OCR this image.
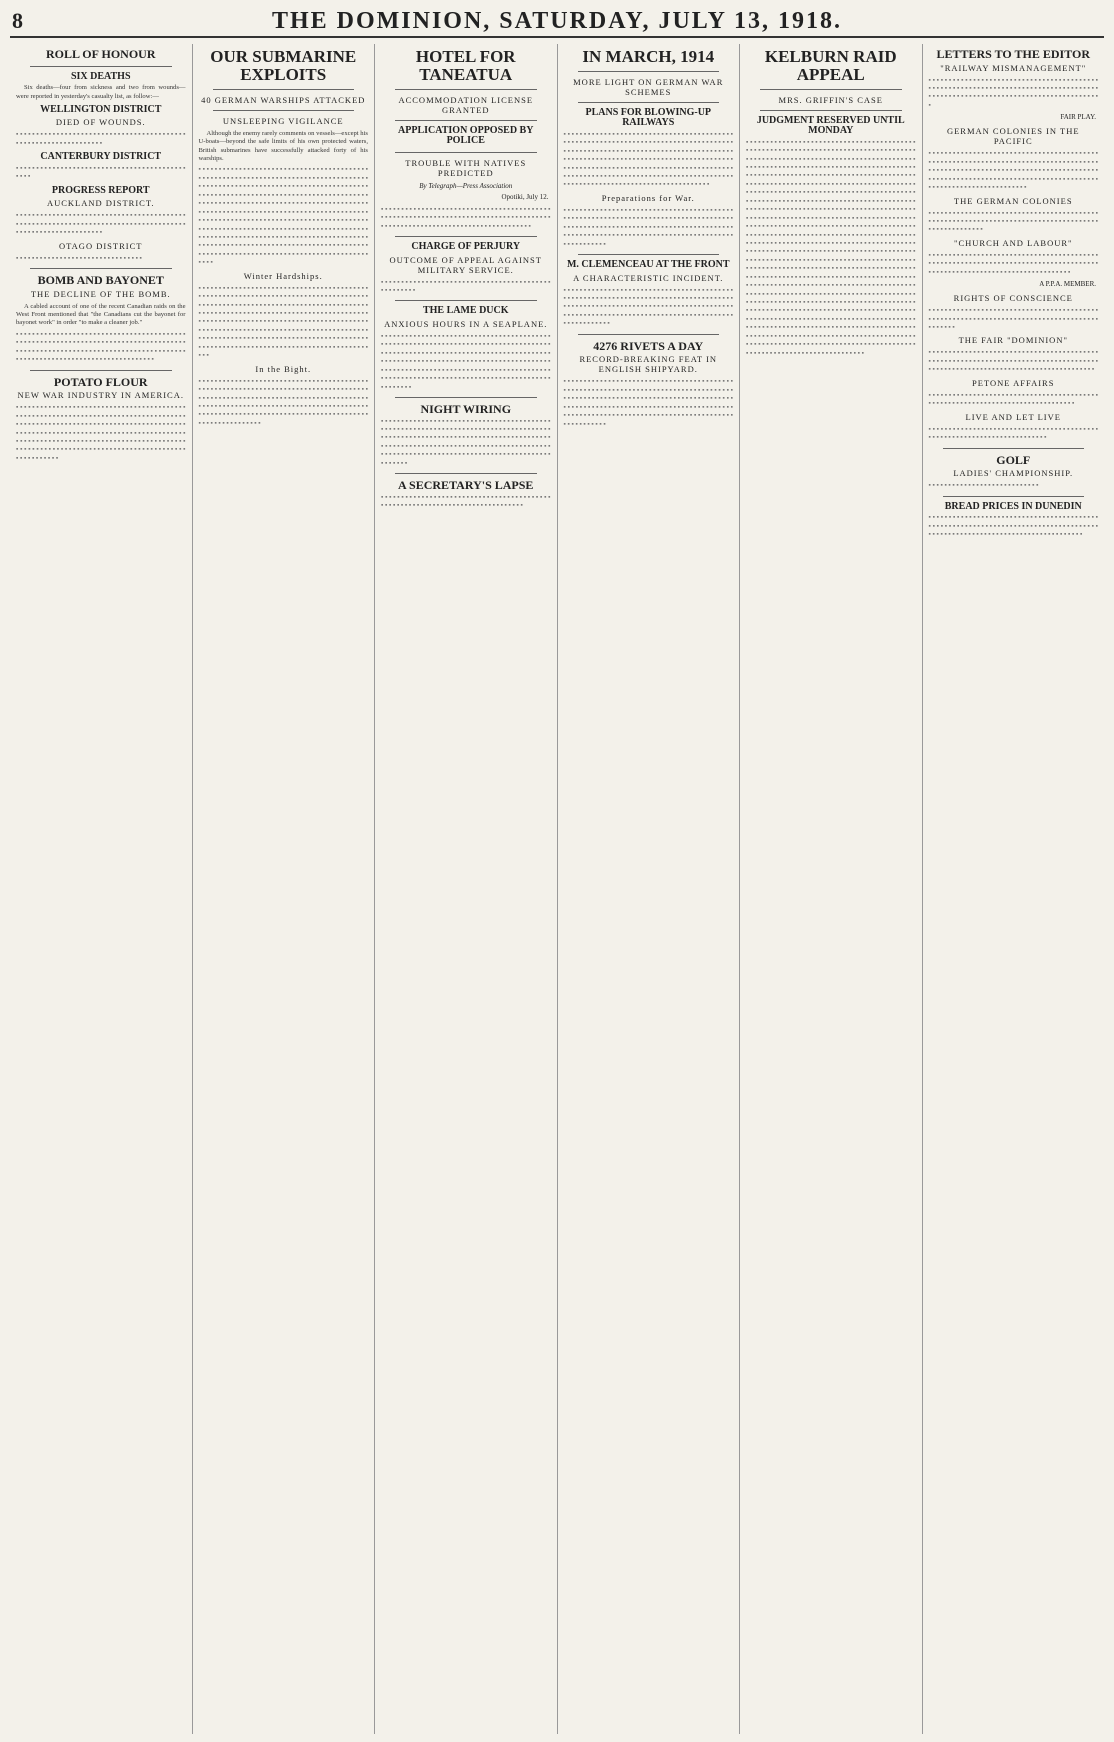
8	THE DOMINION, SATURDAY, JULY 13, 1918.
ROLL OF HONOUR
SIX DEATHS

Six deaths—four from sickness and two from wounds—were reported in yesterday's casualty list, as follow:—

WELLINGTON DISTRICT
DIED OF WOUNDS.
▪ ▪ ▪ ▪ ▪ ▪ ▪ ▪ ▪ ▪ ▪ ▪ ▪ ▪ ▪ ▪ ▪ ▪ ▪ ▪ ▪ ▪ ▪ ▪ ▪ ▪ ▪ ▪ ▪ ▪ ▪ ▪ ▪ ▪ ▪ ▪ ▪ ▪ ▪ ▪ ▪ ▪ ▪ ▪ ▪ ▪ ▪ ▪ ▪ ▪ ▪ ▪ ▪ ▪ ▪ ▪ ▪ ▪ ▪ ▪ ▪ ▪ ▪ ▪
CANTERBURY DISTRICT
▪ ▪ ▪ ▪ ▪ ▪ ▪ ▪ ▪ ▪ ▪ ▪ ▪ ▪ ▪ ▪ ▪ ▪ ▪ ▪ ▪ ▪ ▪ ▪ ▪ ▪ ▪ ▪ ▪ ▪ ▪ ▪ ▪ ▪ ▪ ▪ ▪ ▪ ▪ ▪ ▪ ▪ ▪ ▪ ▪ ▪
PROGRESS REPORT
AUCKLAND DISTRICT.
▪ ▪ ▪ ▪ ▪ ▪ ▪ ▪ ▪ ▪ ▪ ▪ ▪ ▪ ▪ ▪ ▪ ▪ ▪ ▪ ▪ ▪ ▪ ▪ ▪ ▪ ▪ ▪ ▪ ▪ ▪ ▪ ▪ ▪ ▪ ▪ ▪ ▪ ▪ ▪ ▪ ▪ ▪ ▪ ▪ ▪ ▪ ▪ ▪ ▪ ▪ ▪ ▪ ▪ ▪ ▪ ▪ ▪ ▪ ▪ ▪ ▪ ▪ ▪ ▪ ▪ ▪ ▪ ▪ ▪ ▪ ▪ ▪ ▪ ▪ ▪ ▪ ▪ ▪ ▪ ▪ ▪ ▪ ▪ ▪ ▪ ▪ ▪ ▪ ▪ ▪ ▪ ▪ ▪ ▪ ▪ ▪ ▪ ▪ ▪ ▪ ▪ ▪ ▪ ▪ ▪
OTAGO DISTRICT
▪ ▪ ▪ ▪ ▪ ▪ ▪ ▪ ▪ ▪ ▪ ▪ ▪ ▪ ▪ ▪ ▪ ▪ ▪ ▪ ▪ ▪ ▪ ▪ ▪ ▪ ▪ ▪ ▪ ▪ ▪ ▪
BOMB AND BAYONET
THE DECLINE OF THE BOMB.

A cabled account of one of the recent Canadian raids on the West Front mentioned that "the Canadians cut the bayonet for bayonet work" in order "to make a cleaner job."

▪ ▪ ▪ ▪ ▪ ▪ ▪ ▪ ▪ ▪ ▪ ▪ ▪ ▪ ▪ ▪ ▪ ▪ ▪ ▪ ▪ ▪ ▪ ▪ ▪ ▪ ▪ ▪ ▪ ▪ ▪ ▪ ▪ ▪ ▪ ▪ ▪ ▪ ▪ ▪ ▪ ▪ ▪ ▪ ▪ ▪ ▪ ▪ ▪ ▪ ▪ ▪ ▪ ▪ ▪ ▪ ▪ ▪ ▪ ▪ ▪ ▪ ▪ ▪ ▪ ▪ ▪ ▪ ▪ ▪ ▪ ▪ ▪ ▪ ▪ ▪ ▪ ▪ ▪ ▪ ▪ ▪ ▪ ▪ ▪ ▪ ▪ ▪ ▪ ▪ ▪ ▪ ▪ ▪ ▪ ▪ ▪ ▪ ▪ ▪ ▪ ▪ ▪ ▪ ▪ ▪ ▪ ▪ ▪ ▪ ▪ ▪ ▪ ▪ ▪ ▪ ▪ ▪ ▪ ▪ ▪ ▪ ▪ ▪ ▪ ▪ ▪ ▪ ▪ ▪ ▪ ▪ ▪ ▪ ▪ ▪ ▪ ▪ ▪ ▪ ▪ ▪ ▪ ▪ ▪ ▪ ▪ ▪ ▪ ▪ ▪ ▪ ▪ ▪ ▪ ▪ ▪ ▪ ▪ ▪ ▪
POTATO FLOUR
NEW WAR INDUSTRY IN AMERICA.
▪ ▪ ▪ ▪ ▪ ▪ ▪ ▪ ▪ ▪ ▪ ▪ ▪ ▪ ▪ ▪ ▪ ▪ ▪ ▪ ▪ ▪ ▪ ▪ ▪ ▪ ▪ ▪ ▪ ▪ ▪ ▪ ▪ ▪ ▪ ▪ ▪ ▪ ▪ ▪ ▪ ▪ ▪ ▪ ▪ ▪ ▪ ▪ ▪ ▪ ▪ ▪ ▪ ▪ ▪ ▪ ▪ ▪ ▪ ▪ ▪ ▪ ▪ ▪ ▪ ▪ ▪ ▪ ▪ ▪ ▪ ▪ ▪ ▪ ▪ ▪ ▪ ▪ ▪ ▪ ▪ ▪ ▪ ▪ ▪ ▪ ▪ ▪ ▪ ▪ ▪ ▪ ▪ ▪ ▪ ▪ ▪ ▪ ▪ ▪ ▪ ▪ ▪ ▪ ▪ ▪ ▪ ▪ ▪ ▪ ▪ ▪ ▪ ▪ ▪ ▪ ▪ ▪ ▪ ▪ ▪ ▪ ▪ ▪ ▪ ▪ ▪ ▪ ▪ ▪ ▪ ▪ ▪ ▪ ▪ ▪ ▪ ▪ ▪ ▪ ▪ ▪ ▪ ▪ ▪ ▪ ▪ ▪ ▪ ▪ ▪ ▪ ▪ ▪ ▪ ▪ ▪ ▪ ▪ ▪ ▪ ▪ ▪ ▪ ▪ ▪ ▪ ▪ ▪ ▪ ▪ ▪ ▪ ▪ ▪ ▪ ▪ ▪ ▪ ▪ ▪ ▪ ▪ ▪ ▪ ▪ ▪ ▪ ▪ ▪ ▪ ▪ ▪ ▪ ▪ ▪ ▪ ▪ ▪ ▪ ▪ ▪ ▪ ▪ ▪ ▪ ▪ ▪ ▪ ▪ ▪ ▪ ▪ ▪ ▪ ▪ ▪ ▪ ▪ ▪ ▪ ▪ ▪ ▪ ▪ ▪ ▪ ▪ ▪ ▪ ▪ ▪ ▪ ▪ ▪ ▪ ▪ ▪ ▪ ▪ ▪ ▪ ▪ ▪ ▪ ▪ ▪ ▪ ▪ ▪ ▪ ▪ ▪ ▪ ▪ ▪ ▪ ▪ ▪ ▪ ▪ ▪ ▪
OUR SUBMARINE EXPLOITS
40 GERMAN WARSHIPS ATTACKED
UNSLEEPING VIGILANCE

Although the enemy rarely comments on vessels—except his U-boats—beyond the safe limits of his own protected waters, British submarines have successfully attacked forty of his warships.

▪ ▪ ▪ ▪ ▪ ▪ ▪ ▪ ▪ ▪ ▪ ▪ ▪ ▪ ▪ ▪ ▪ ▪ ▪ ▪ ▪ ▪ ▪ ▪ ▪ ▪ ▪ ▪ ▪ ▪ ▪ ▪ ▪ ▪ ▪ ▪ ▪ ▪ ▪ ▪ ▪ ▪ ▪ ▪ ▪ ▪ ▪ ▪ ▪ ▪ ▪ ▪ ▪ ▪ ▪ ▪ ▪ ▪ ▪ ▪ ▪ ▪ ▪ ▪ ▪ ▪ ▪ ▪ ▪ ▪ ▪ ▪ ▪ ▪ ▪ ▪ ▪ ▪ ▪ ▪ ▪ ▪ ▪ ▪ ▪ ▪ ▪ ▪ ▪ ▪ ▪ ▪ ▪ ▪ ▪ ▪ ▪ ▪ ▪ ▪ ▪ ▪ ▪ ▪ ▪ ▪ ▪ ▪ ▪ ▪ ▪ ▪ ▪ ▪ ▪ ▪ ▪ ▪ ▪ ▪ ▪ ▪ ▪ ▪ ▪ ▪ ▪ ▪ ▪ ▪ ▪ ▪ ▪ ▪ ▪ ▪ ▪ ▪ ▪ ▪ ▪ ▪ ▪ ▪ ▪ ▪ ▪ ▪ ▪ ▪ ▪ ▪ ▪ ▪ ▪ ▪ ▪ ▪ ▪ ▪ ▪ ▪ ▪ ▪ ▪ ▪ ▪ ▪ ▪ ▪ ▪ ▪ ▪ ▪ ▪ ▪ ▪ ▪ ▪ ▪ ▪ ▪ ▪ ▪ ▪ ▪ ▪ ▪ ▪ ▪ ▪ ▪ ▪ ▪ ▪ ▪ ▪ ▪ ▪ ▪ ▪ ▪ ▪ ▪ ▪ ▪ ▪ ▪ ▪ ▪ ▪ ▪ ▪ ▪ ▪ ▪ ▪ ▪ ▪ ▪ ▪ ▪ ▪ ▪ ▪ ▪ ▪ ▪ ▪ ▪ ▪ ▪ ▪ ▪ ▪ ▪ ▪ ▪ ▪ ▪ ▪ ▪ ▪ ▪ ▪ ▪ ▪ ▪ ▪ ▪ ▪ ▪ ▪ ▪ ▪ ▪ ▪ ▪ ▪ ▪ ▪ ▪ ▪ ▪ ▪ ▪ ▪ ▪ ▪ ▪ ▪ ▪ ▪ ▪ ▪ ▪ ▪ ▪ ▪ ▪ ▪ ▪ ▪ ▪ ▪ ▪ ▪ ▪ ▪ ▪ ▪ ▪ ▪ ▪ ▪ ▪ ▪ ▪ ▪ ▪ ▪ ▪ ▪ ▪ ▪ ▪ ▪ ▪ ▪ ▪ ▪ ▪ ▪ ▪ ▪ ▪ ▪ ▪ ▪ ▪ ▪ ▪ ▪ ▪ ▪ ▪ ▪ ▪ ▪ ▪ ▪ ▪ ▪ ▪ ▪ ▪ ▪ ▪ ▪ ▪ ▪ ▪ ▪ ▪ ▪ ▪ ▪ ▪ ▪ ▪ ▪ ▪ ▪ ▪ ▪ ▪ ▪ ▪ ▪ ▪ ▪ ▪ ▪ ▪ ▪ ▪ ▪ ▪ ▪ ▪ ▪ ▪ ▪ ▪ ▪ ▪ ▪ ▪ ▪ ▪ ▪ ▪ ▪ ▪ ▪ ▪ ▪ ▪ ▪ ▪ ▪ ▪ ▪ ▪ ▪ ▪ ▪ ▪ ▪ ▪ ▪ ▪ ▪ ▪ ▪ ▪ ▪ ▪ ▪ ▪ ▪ ▪ ▪ ▪ ▪ ▪ ▪ ▪ ▪ ▪ ▪ ▪ ▪ ▪ ▪ ▪ ▪ ▪ ▪ ▪ ▪ ▪ ▪ ▪ ▪ ▪ ▪ ▪ ▪ ▪ ▪ ▪ ▪ ▪ ▪ ▪ ▪ ▪ ▪ ▪ ▪ ▪ ▪ ▪ ▪ ▪ ▪ ▪ ▪ ▪ ▪ ▪ ▪ ▪ ▪ ▪
Winter Hardships.
▪ ▪ ▪ ▪ ▪ ▪ ▪ ▪ ▪ ▪ ▪ ▪ ▪ ▪ ▪ ▪ ▪ ▪ ▪ ▪ ▪ ▪ ▪ ▪ ▪ ▪ ▪ ▪ ▪ ▪ ▪ ▪ ▪ ▪ ▪ ▪ ▪ ▪ ▪ ▪ ▪ ▪ ▪ ▪ ▪ ▪ ▪ ▪ ▪ ▪ ▪ ▪ ▪ ▪ ▪ ▪ ▪ ▪ ▪ ▪ ▪ ▪ ▪ ▪ ▪ ▪ ▪ ▪ ▪ ▪ ▪ ▪ ▪ ▪ ▪ ▪ ▪ ▪ ▪ ▪ ▪ ▪ ▪ ▪ ▪ ▪ ▪ ▪ ▪ ▪ ▪ ▪ ▪ ▪ ▪ ▪ ▪ ▪ ▪ ▪ ▪ ▪ ▪ ▪ ▪ ▪ ▪ ▪ ▪ ▪ ▪ ▪ ▪ ▪ ▪ ▪ ▪ ▪ ▪ ▪ ▪ ▪ ▪ ▪ ▪ ▪ ▪ ▪ ▪ ▪ ▪ ▪ ▪ ▪ ▪ ▪ ▪ ▪ ▪ ▪ ▪ ▪ ▪ ▪ ▪ ▪ ▪ ▪ ▪ ▪ ▪ ▪ ▪ ▪ ▪ ▪ ▪ ▪ ▪ ▪ ▪ ▪ ▪ ▪ ▪ ▪ ▪ ▪ ▪ ▪ ▪ ▪ ▪ ▪ ▪ ▪ ▪ ▪ ▪ ▪ ▪ ▪ ▪ ▪ ▪ ▪ ▪ ▪ ▪ ▪ ▪ ▪ ▪ ▪ ▪ ▪ ▪ ▪ ▪ ▪ ▪ ▪ ▪ ▪ ▪ ▪ ▪ ▪ ▪ ▪ ▪ ▪ ▪ ▪ ▪ ▪ ▪ ▪ ▪ ▪ ▪ ▪ ▪ ▪ ▪ ▪ ▪ ▪ ▪ ▪ ▪ ▪ ▪ ▪ ▪ ▪ ▪ ▪ ▪ ▪ ▪ ▪ ▪ ▪ ▪ ▪ ▪ ▪ ▪ ▪ ▪ ▪ ▪ ▪ ▪ ▪ ▪ ▪ ▪ ▪ ▪ ▪ ▪ ▪ ▪ ▪ ▪ ▪ ▪ ▪ ▪ ▪ ▪ ▪ ▪ ▪ ▪ ▪ ▪ ▪ ▪ ▪ ▪ ▪ ▪ ▪ ▪ ▪ ▪ ▪ ▪ ▪ ▪ ▪ ▪ ▪ ▪ ▪ ▪ ▪ ▪ ▪ ▪ ▪ ▪ ▪ ▪ ▪ ▪ ▪ ▪ ▪ ▪ ▪ ▪ ▪ ▪ ▪ ▪ ▪ ▪ ▪ ▪ ▪ ▪ ▪ ▪ ▪ ▪ ▪ ▪ ▪ ▪ ▪ ▪ ▪ ▪ ▪ ▪
In the Bight.
▪ ▪ ▪ ▪ ▪ ▪ ▪ ▪ ▪ ▪ ▪ ▪ ▪ ▪ ▪ ▪ ▪ ▪ ▪ ▪ ▪ ▪ ▪ ▪ ▪ ▪ ▪ ▪ ▪ ▪ ▪ ▪ ▪ ▪ ▪ ▪ ▪ ▪ ▪ ▪ ▪ ▪ ▪ ▪ ▪ ▪ ▪ ▪ ▪ ▪ ▪ ▪ ▪ ▪ ▪ ▪ ▪ ▪ ▪ ▪ ▪ ▪ ▪ ▪ ▪ ▪ ▪ ▪ ▪ ▪ ▪ ▪ ▪ ▪ ▪ ▪ ▪ ▪ ▪ ▪ ▪ ▪ ▪ ▪ ▪ ▪ ▪ ▪ ▪ ▪ ▪ ▪ ▪ ▪ ▪ ▪ ▪ ▪ ▪ ▪ ▪ ▪ ▪ ▪ ▪ ▪ ▪ ▪ ▪ ▪ ▪ ▪ ▪ ▪ ▪ ▪ ▪ ▪ ▪ ▪ ▪ ▪ ▪ ▪ ▪ ▪ ▪ ▪ ▪ ▪ ▪ ▪ ▪ ▪ ▪ ▪ ▪ ▪ ▪ ▪ ▪ ▪ ▪ ▪ ▪ ▪ ▪ ▪ ▪ ▪ ▪ ▪ ▪ ▪ ▪ ▪ ▪ ▪ ▪ ▪ ▪ ▪ ▪ ▪ ▪ ▪ ▪ ▪ ▪ ▪ ▪ ▪ ▪ ▪ ▪ ▪ ▪ ▪ ▪ ▪ ▪ ▪ ▪ ▪ ▪ ▪ ▪ ▪ ▪ ▪ ▪ ▪ ▪ ▪ ▪ ▪ ▪ ▪ ▪ ▪ ▪ ▪ ▪ ▪ ▪ ▪ ▪ ▪ ▪ ▪ ▪ ▪ ▪ ▪ ▪ ▪ ▪ ▪ ▪ ▪ ▪ ▪ ▪ ▪ ▪ ▪
HOTEL FOR TANEATUA
ACCOMMODATION LICENSE GRANTED
APPLICATION OPPOSED BY POLICE
TROUBLE WITH NATIVES PREDICTED
By Telegraph—Press Association
Opotiki, July 12.
▪ ▪ ▪ ▪ ▪ ▪ ▪ ▪ ▪ ▪ ▪ ▪ ▪ ▪ ▪ ▪ ▪ ▪ ▪ ▪ ▪ ▪ ▪ ▪ ▪ ▪ ▪ ▪ ▪ ▪ ▪ ▪ ▪ ▪ ▪ ▪ ▪ ▪ ▪ ▪ ▪ ▪ ▪ ▪ ▪ ▪ ▪ ▪ ▪ ▪ ▪ ▪ ▪ ▪ ▪ ▪ ▪ ▪ ▪ ▪ ▪ ▪ ▪ ▪ ▪ ▪ ▪ ▪ ▪ ▪ ▪ ▪ ▪ ▪ ▪ ▪ ▪ ▪ ▪ ▪ ▪ ▪ ▪ ▪ ▪ ▪ ▪ ▪ ▪ ▪ ▪ ▪ ▪ ▪ ▪ ▪ ▪ ▪ ▪ ▪ ▪ ▪ ▪ ▪ ▪ ▪ ▪ ▪ ▪ ▪ ▪ ▪ ▪ ▪ ▪ ▪ ▪ ▪ ▪ ▪ ▪ ▪
CHARGE OF PERJURY
OUTCOME OF APPEAL AGAINST MILITARY SERVICE.
▪ ▪ ▪ ▪ ▪ ▪ ▪ ▪ ▪ ▪ ▪ ▪ ▪ ▪ ▪ ▪ ▪ ▪ ▪ ▪ ▪ ▪ ▪ ▪ ▪ ▪ ▪ ▪ ▪ ▪ ▪ ▪ ▪ ▪ ▪ ▪ ▪ ▪ ▪ ▪ ▪ ▪ ▪ ▪ ▪ ▪ ▪ ▪ ▪ ▪ ▪
THE LAME DUCK
ANXIOUS HOURS IN A SEAPLANE.
▪ ▪ ▪ ▪ ▪ ▪ ▪ ▪ ▪ ▪ ▪ ▪ ▪ ▪ ▪ ▪ ▪ ▪ ▪ ▪ ▪ ▪ ▪ ▪ ▪ ▪ ▪ ▪ ▪ ▪ ▪ ▪ ▪ ▪ ▪ ▪ ▪ ▪ ▪ ▪ ▪ ▪ ▪ ▪ ▪ ▪ ▪ ▪ ▪ ▪ ▪ ▪ ▪ ▪ ▪ ▪ ▪ ▪ ▪ ▪ ▪ ▪ ▪ ▪ ▪ ▪ ▪ ▪ ▪ ▪ ▪ ▪ ▪ ▪ ▪ ▪ ▪ ▪ ▪ ▪ ▪ ▪ ▪ ▪ ▪ ▪ ▪ ▪ ▪ ▪ ▪ ▪ ▪ ▪ ▪ ▪ ▪ ▪ ▪ ▪ ▪ ▪ ▪ ▪ ▪ ▪ ▪ ▪ ▪ ▪ ▪ ▪ ▪ ▪ ▪ ▪ ▪ ▪ ▪ ▪ ▪ ▪ ▪ ▪ ▪ ▪ ▪ ▪ ▪ ▪ ▪ ▪ ▪ ▪ ▪ ▪ ▪ ▪ ▪ ▪ ▪ ▪ ▪ ▪ ▪ ▪ ▪ ▪ ▪ ▪ ▪ ▪ ▪ ▪ ▪ ▪ ▪ ▪ ▪ ▪ ▪ ▪ ▪ ▪ ▪ ▪ ▪ ▪ ▪ ▪ ▪ ▪ ▪ ▪ ▪ ▪ ▪ ▪ ▪ ▪ ▪ ▪ ▪ ▪ ▪ ▪ ▪ ▪ ▪ ▪ ▪ ▪ ▪ ▪ ▪ ▪ ▪ ▪ ▪ ▪ ▪ ▪ ▪ ▪ ▪ ▪ ▪ ▪ ▪ ▪ ▪ ▪ ▪ ▪ ▪ ▪ ▪ ▪ ▪ ▪ ▪ ▪ ▪ ▪ ▪ ▪ ▪ ▪ ▪ ▪ ▪ ▪ ▪ ▪ ▪ ▪ ▪ ▪ ▪ ▪ ▪ ▪ ▪ ▪ ▪ ▪ ▪ ▪ ▪ ▪ ▪ ▪ ▪ ▪ ▪ ▪ ▪ ▪ ▪ ▪
NIGHT WIRING
▪ ▪ ▪ ▪ ▪ ▪ ▪ ▪ ▪ ▪ ▪ ▪ ▪ ▪ ▪ ▪ ▪ ▪ ▪ ▪ ▪ ▪ ▪ ▪ ▪ ▪ ▪ ▪ ▪ ▪ ▪ ▪ ▪ ▪ ▪ ▪ ▪ ▪ ▪ ▪ ▪ ▪ ▪ ▪ ▪ ▪ ▪ ▪ ▪ ▪ ▪ ▪ ▪ ▪ ▪ ▪ ▪ ▪ ▪ ▪ ▪ ▪ ▪ ▪ ▪ ▪ ▪ ▪ ▪ ▪ ▪ ▪ ▪ ▪ ▪ ▪ ▪ ▪ ▪ ▪ ▪ ▪ ▪ ▪ ▪ ▪ ▪ ▪ ▪ ▪ ▪ ▪ ▪ ▪ ▪ ▪ ▪ ▪ ▪ ▪ ▪ ▪ ▪ ▪ ▪ ▪ ▪ ▪ ▪ ▪ ▪ ▪ ▪ ▪ ▪ ▪ ▪ ▪ ▪ ▪ ▪ ▪ ▪ ▪ ▪ ▪ ▪ ▪ ▪ ▪ ▪ ▪ ▪ ▪ ▪ ▪ ▪ ▪ ▪ ▪ ▪ ▪ ▪ ▪ ▪ ▪ ▪ ▪ ▪ ▪ ▪ ▪ ▪ ▪ ▪ ▪ ▪ ▪ ▪ ▪ ▪ ▪ ▪ ▪ ▪ ▪ ▪ ▪ ▪ ▪ ▪ ▪ ▪ ▪ ▪ ▪ ▪ ▪ ▪ ▪ ▪ ▪ ▪ ▪ ▪ ▪ ▪ ▪ ▪ ▪ ▪ ▪ ▪ ▪ ▪ ▪ ▪ ▪ ▪ ▪ ▪ ▪ ▪ ▪ ▪ ▪ ▪ ▪ ▪ ▪ ▪ ▪ ▪ ▪ ▪ ▪ ▪
A SECRETARY'S LAPSE
▪ ▪ ▪ ▪ ▪ ▪ ▪ ▪ ▪ ▪ ▪ ▪ ▪ ▪ ▪ ▪ ▪ ▪ ▪ ▪ ▪ ▪ ▪ ▪ ▪ ▪ ▪ ▪ ▪ ▪ ▪ ▪ ▪ ▪ ▪ ▪ ▪ ▪ ▪ ▪ ▪ ▪ ▪ ▪ ▪ ▪ ▪ ▪ ▪ ▪ ▪ ▪ ▪ ▪ ▪ ▪ ▪ ▪ ▪ ▪ ▪ ▪ ▪ ▪ ▪ ▪ ▪ ▪ ▪ ▪ ▪ ▪ ▪ ▪ ▪ ▪ ▪ ▪
IN MARCH, 1914
MORE LIGHT ON GERMAN WAR SCHEMES
PLANS FOR BLOWING-UP RAILWAYS
▪ ▪ ▪ ▪ ▪ ▪ ▪ ▪ ▪ ▪ ▪ ▪ ▪ ▪ ▪ ▪ ▪ ▪ ▪ ▪ ▪ ▪ ▪ ▪ ▪ ▪ ▪ ▪ ▪ ▪ ▪ ▪ ▪ ▪ ▪ ▪ ▪ ▪ ▪ ▪ ▪ ▪ ▪ ▪ ▪ ▪ ▪ ▪ ▪ ▪ ▪ ▪ ▪ ▪ ▪ ▪ ▪ ▪ ▪ ▪ ▪ ▪ ▪ ▪ ▪ ▪ ▪ ▪ ▪ ▪ ▪ ▪ ▪ ▪ ▪ ▪ ▪ ▪ ▪ ▪ ▪ ▪ ▪ ▪ ▪ ▪ ▪ ▪ ▪ ▪ ▪ ▪ ▪ ▪ ▪ ▪ ▪ ▪ ▪ ▪ ▪ ▪ ▪ ▪ ▪ ▪ ▪ ▪ ▪ ▪ ▪ ▪ ▪ ▪ ▪ ▪ ▪ ▪ ▪ ▪ ▪ ▪ ▪ ▪ ▪ ▪ ▪ ▪ ▪ ▪ ▪ ▪ ▪ ▪ ▪ ▪ ▪ ▪ ▪ ▪ ▪ ▪ ▪ ▪ ▪ ▪ ▪ ▪ ▪ ▪ ▪ ▪ ▪ ▪ ▪ ▪ ▪ ▪ ▪ ▪ ▪ ▪ ▪ ▪ ▪ ▪ ▪ ▪ ▪ ▪ ▪ ▪ ▪ ▪ ▪ ▪ ▪ ▪ ▪ ▪ ▪ ▪ ▪ ▪ ▪ ▪ ▪ ▪ ▪ ▪ ▪ ▪ ▪ ▪ ▪ ▪ ▪ ▪ ▪ ▪ ▪ ▪ ▪ ▪ ▪ ▪ ▪ ▪ ▪ ▪ ▪ ▪ ▪ ▪ ▪ ▪ ▪ ▪ ▪ ▪ ▪ ▪ ▪ ▪ ▪ ▪ ▪ ▪ ▪ ▪ ▪ ▪ ▪ ▪ ▪ ▪ ▪ ▪ ▪ ▪ ▪ ▪ ▪ ▪ ▪ ▪ ▪ ▪ ▪ ▪ ▪ ▪ ▪ ▪ ▪ ▪ ▪ ▪ ▪ ▪ ▪ ▪ ▪ ▪ ▪ ▪ ▪ ▪ ▪ ▪ ▪ ▪ ▪ ▪ ▪ ▪ ▪ ▪ ▪ ▪ ▪ ▪ ▪ ▪ ▪ ▪ ▪ ▪ ▪
Preparations for War.
▪ ▪ ▪ ▪ ▪ ▪ ▪ ▪ ▪ ▪ ▪ ▪ ▪ ▪ ▪ ▪ ▪ ▪ ▪ ▪ ▪ ▪ ▪ ▪ ▪ ▪ ▪ ▪ ▪ ▪ ▪ ▪ ▪ ▪ ▪ ▪ ▪ ▪ ▪ ▪ ▪ ▪ ▪ ▪ ▪ ▪ ▪ ▪ ▪ ▪ ▪ ▪ ▪ ▪ ▪ ▪ ▪ ▪ ▪ ▪ ▪ ▪ ▪ ▪ ▪ ▪ ▪ ▪ ▪ ▪ ▪ ▪ ▪ ▪ ▪ ▪ ▪ ▪ ▪ ▪ ▪ ▪ ▪ ▪ ▪ ▪ ▪ ▪ ▪ ▪ ▪ ▪ ▪ ▪ ▪ ▪ ▪ ▪ ▪ ▪ ▪ ▪ ▪ ▪ ▪ ▪ ▪ ▪ ▪ ▪ ▪ ▪ ▪ ▪ ▪ ▪ ▪ ▪ ▪ ▪ ▪ ▪ ▪ ▪ ▪ ▪ ▪ ▪ ▪ ▪ ▪ ▪ ▪ ▪ ▪ ▪ ▪ ▪ ▪ ▪ ▪ ▪ ▪ ▪ ▪ ▪ ▪ ▪ ▪ ▪ ▪ ▪ ▪ ▪ ▪ ▪ ▪ ▪ ▪ ▪ ▪ ▪ ▪ ▪ ▪ ▪ ▪ ▪ ▪ ▪ ▪ ▪ ▪ ▪ ▪ ▪ ▪ ▪ ▪
M. CLEMENCEAU AT THE FRONT
A CHARACTERISTIC INCIDENT.
▪ ▪ ▪ ▪ ▪ ▪ ▪ ▪ ▪ ▪ ▪ ▪ ▪ ▪ ▪ ▪ ▪ ▪ ▪ ▪ ▪ ▪ ▪ ▪ ▪ ▪ ▪ ▪ ▪ ▪ ▪ ▪ ▪ ▪ ▪ ▪ ▪ ▪ ▪ ▪ ▪ ▪ ▪ ▪ ▪ ▪ ▪ ▪ ▪ ▪ ▪ ▪ ▪ ▪ ▪ ▪ ▪ ▪ ▪ ▪ ▪ ▪ ▪ ▪ ▪ ▪ ▪ ▪ ▪ ▪ ▪ ▪ ▪ ▪ ▪ ▪ ▪ ▪ ▪ ▪ ▪ ▪ ▪ ▪ ▪ ▪ ▪ ▪ ▪ ▪ ▪ ▪ ▪ ▪ ▪ ▪ ▪ ▪ ▪ ▪ ▪ ▪ ▪ ▪ ▪ ▪ ▪ ▪ ▪ ▪ ▪ ▪ ▪ ▪ ▪ ▪ ▪ ▪ ▪ ▪ ▪ ▪ ▪ ▪ ▪ ▪ ▪ ▪ ▪ ▪ ▪ ▪ ▪ ▪ ▪ ▪ ▪ ▪ ▪ ▪ ▪ ▪ ▪ ▪ ▪ ▪ ▪ ▪ ▪ ▪ ▪ ▪ ▪ ▪ ▪ ▪ ▪ ▪ ▪ ▪ ▪ ▪ ▪ ▪ ▪ ▪ ▪ ▪ ▪ ▪ ▪ ▪ ▪ ▪ ▪ ▪ ▪ ▪ ▪ ▪
4276 RIVETS A DAY
RECORD-BREAKING FEAT IN ENGLISH SHIPYARD.
▪ ▪ ▪ ▪ ▪ ▪ ▪ ▪ ▪ ▪ ▪ ▪ ▪ ▪ ▪ ▪ ▪ ▪ ▪ ▪ ▪ ▪ ▪ ▪ ▪ ▪ ▪ ▪ ▪ ▪ ▪ ▪ ▪ ▪ ▪ ▪ ▪ ▪ ▪ ▪ ▪ ▪ ▪ ▪ ▪ ▪ ▪ ▪ ▪ ▪ ▪ ▪ ▪ ▪ ▪ ▪ ▪ ▪ ▪ ▪ ▪ ▪ ▪ ▪ ▪ ▪ ▪ ▪ ▪ ▪ ▪ ▪ ▪ ▪ ▪ ▪ ▪ ▪ ▪ ▪ ▪ ▪ ▪ ▪ ▪ ▪ ▪ ▪ ▪ ▪ ▪ ▪ ▪ ▪ ▪ ▪ ▪ ▪ ▪ ▪ ▪ ▪ ▪ ▪ ▪ ▪ ▪ ▪ ▪ ▪ ▪ ▪ ▪ ▪ ▪ ▪ ▪ ▪ ▪ ▪ ▪ ▪ ▪ ▪ ▪ ▪ ▪ ▪ ▪ ▪ ▪ ▪ ▪ ▪ ▪ ▪ ▪ ▪ ▪ ▪ ▪ ▪ ▪ ▪ ▪ ▪ ▪ ▪ ▪ ▪ ▪ ▪ ▪ ▪ ▪ ▪ ▪ ▪ ▪ ▪ ▪ ▪ ▪ ▪ ▪ ▪ ▪ ▪ ▪ ▪ ▪ ▪ ▪ ▪ ▪ ▪ ▪ ▪ ▪ ▪ ▪ ▪ ▪ ▪ ▪ ▪ ▪ ▪ ▪ ▪ ▪ ▪ ▪ ▪ ▪ ▪ ▪ ▪ ▪ ▪ ▪ ▪ ▪ ▪ ▪ ▪ ▪ ▪ ▪ ▪ ▪ ▪ ▪ ▪ ▪ ▪ ▪ ▪ ▪ ▪ ▪
KELBURN RAID APPEAL
MRS. GRIFFIN'S CASE
JUDGMENT RESERVED UNTIL MONDAY
▪ ▪ ▪ ▪ ▪ ▪ ▪ ▪ ▪ ▪ ▪ ▪ ▪ ▪ ▪ ▪ ▪ ▪ ▪ ▪ ▪ ▪ ▪ ▪ ▪ ▪ ▪ ▪ ▪ ▪ ▪ ▪ ▪ ▪ ▪ ▪ ▪ ▪ ▪ ▪ ▪ ▪ ▪ ▪ ▪ ▪ ▪ ▪ ▪ ▪ ▪ ▪ ▪ ▪ ▪ ▪ ▪ ▪ ▪ ▪ ▪ ▪ ▪ ▪ ▪ ▪ ▪ ▪ ▪ ▪ ▪ ▪ ▪ ▪ ▪ ▪ ▪ ▪ ▪ ▪ ▪ ▪ ▪ ▪ ▪ ▪ ▪ ▪ ▪ ▪ ▪ ▪ ▪ ▪ ▪ ▪ ▪ ▪ ▪ ▪ ▪ ▪ ▪ ▪ ▪ ▪ ▪ ▪ ▪ ▪ ▪ ▪ ▪ ▪ ▪ ▪ ▪ ▪ ▪ ▪ ▪ ▪ ▪ ▪ ▪ ▪ ▪ ▪ ▪ ▪ ▪ ▪ ▪ ▪ ▪ ▪ ▪ ▪ ▪ ▪ ▪ ▪ ▪ ▪ ▪ ▪ ▪ ▪ ▪ ▪ ▪ ▪ ▪ ▪ ▪ ▪ ▪ ▪ ▪ ▪ ▪ ▪ ▪ ▪ ▪ ▪ ▪ ▪ ▪ ▪ ▪ ▪ ▪ ▪ ▪ ▪ ▪ ▪ ▪ ▪ ▪ ▪ ▪ ▪ ▪ ▪ ▪ ▪ ▪ ▪ ▪ ▪ ▪ ▪ ▪ ▪ ▪ ▪ ▪ ▪ ▪ ▪ ▪ ▪ ▪ ▪ ▪ ▪ ▪ ▪ ▪ ▪ ▪ ▪ ▪ ▪ ▪ ▪ ▪ ▪ ▪ ▪ ▪ ▪ ▪ ▪ ▪ ▪ ▪ ▪ ▪ ▪ ▪ ▪ ▪ ▪ ▪ ▪ ▪ ▪ ▪ ▪ ▪ ▪ ▪ ▪ ▪ ▪ ▪ ▪ ▪ ▪ ▪ ▪ ▪ ▪ ▪ ▪ ▪ ▪ ▪ ▪ ▪ ▪ ▪ ▪ ▪ ▪ ▪ ▪ ▪ ▪ ▪ ▪ ▪ ▪ ▪ ▪ ▪ ▪ ▪ ▪ ▪ ▪ ▪ ▪ ▪ ▪ ▪ ▪ ▪ ▪ ▪ ▪ ▪ ▪ ▪ ▪ ▪ ▪ ▪ ▪ ▪ ▪ ▪ ▪ ▪ ▪ ▪ ▪ ▪ ▪ ▪ ▪ ▪ ▪ ▪ ▪ ▪ ▪ ▪ ▪ ▪ ▪ ▪ ▪ ▪ ▪ ▪ ▪ ▪ ▪ ▪ ▪ ▪ ▪ ▪ ▪ ▪ ▪ ▪ ▪ ▪ ▪ ▪ ▪ ▪ ▪ ▪ ▪ ▪ ▪ ▪ ▪ ▪ ▪ ▪ ▪ ▪ ▪ ▪ ▪ ▪ ▪ ▪ ▪ ▪ ▪ ▪ ▪ ▪ ▪ ▪ ▪ ▪ ▪ ▪ ▪ ▪ ▪ ▪ ▪ ▪ ▪ ▪ ▪ ▪ ▪ ▪ ▪ ▪ ▪ ▪ ▪ ▪ ▪ ▪ ▪ ▪ ▪ ▪ ▪ ▪ ▪ ▪ ▪ ▪ ▪ ▪ ▪ ▪ ▪ ▪ ▪ ▪ ▪ ▪ ▪ ▪ ▪ ▪ ▪ ▪ ▪ ▪ ▪ ▪ ▪ ▪ ▪ ▪ ▪ ▪ ▪ ▪ ▪ ▪ ▪ ▪ ▪ ▪ ▪ ▪ ▪ ▪ ▪ ▪ ▪ ▪ ▪ ▪ ▪ ▪ ▪ ▪ ▪ ▪ ▪ ▪ ▪ ▪ ▪ ▪ ▪ ▪ ▪ ▪ ▪ ▪ ▪ ▪ ▪ ▪ ▪ ▪ ▪ ▪ ▪ ▪ ▪ ▪ ▪ ▪ ▪ ▪ ▪ ▪ ▪ ▪ ▪ ▪ ▪ ▪ ▪ ▪ ▪ ▪ ▪ ▪ ▪ ▪ ▪ ▪ ▪ ▪ ▪ ▪ ▪ ▪ ▪ ▪ ▪ ▪ ▪ ▪ ▪ ▪ ▪ ▪ ▪ ▪ ▪ ▪ ▪ ▪ ▪ ▪ ▪ ▪ ▪ ▪ ▪ ▪ ▪ ▪ ▪ ▪ ▪ ▪ ▪ ▪ ▪ ▪ ▪ ▪ ▪ ▪ ▪ ▪ ▪ ▪ ▪ ▪ ▪ ▪ ▪ ▪ ▪ ▪ ▪ ▪ ▪ ▪ ▪ ▪ ▪ ▪ ▪ ▪ ▪ ▪ ▪ ▪ ▪ ▪ ▪ ▪ ▪ ▪ ▪ ▪ ▪ ▪ ▪ ▪ ▪ ▪ ▪ ▪ ▪ ▪ ▪ ▪ ▪ ▪ ▪ ▪ ▪ ▪ ▪ ▪ ▪ ▪ ▪ ▪ ▪ ▪ ▪ ▪ ▪ ▪ ▪ ▪ ▪ ▪ ▪ ▪ ▪ ▪ ▪ ▪ ▪ ▪ ▪ ▪ ▪ ▪ ▪ ▪ ▪ ▪ ▪ ▪ ▪ ▪ ▪ ▪ ▪ ▪ ▪ ▪ ▪ ▪ ▪ ▪ ▪ ▪ ▪ ▪ ▪ ▪ ▪ ▪ ▪ ▪ ▪ ▪ ▪ ▪ ▪ ▪ ▪ ▪ ▪ ▪ ▪ ▪ ▪ ▪ ▪ ▪ ▪ ▪ ▪ ▪ ▪ ▪ ▪ ▪ ▪ ▪ ▪ ▪ ▪ ▪ ▪ ▪ ▪ ▪ ▪ ▪ ▪ ▪ ▪ ▪ ▪ ▪ ▪ ▪ ▪ ▪ ▪ ▪ ▪ ▪ ▪ ▪ ▪ ▪ ▪ ▪ ▪ ▪ ▪ ▪ ▪ ▪ ▪ ▪ ▪ ▪ ▪ ▪ ▪ ▪ ▪ ▪ ▪ ▪ ▪ ▪ ▪ ▪ ▪ ▪ ▪ ▪ ▪ ▪ ▪ ▪ ▪ ▪ ▪ ▪ ▪ ▪ ▪ ▪ ▪ ▪ ▪ ▪ ▪ ▪ ▪ ▪ ▪ ▪ ▪ ▪ ▪ ▪ ▪ ▪ ▪ ▪ ▪ ▪ ▪ ▪ ▪ ▪ ▪ ▪ ▪ ▪ ▪ ▪ ▪ ▪ ▪ ▪ ▪ ▪ ▪ ▪ ▪ ▪ ▪ ▪ ▪ ▪ ▪ ▪ ▪ ▪ ▪ ▪ ▪ ▪ ▪ ▪ ▪ ▪ ▪ ▪ ▪ ▪ ▪ ▪ ▪ ▪ ▪ ▪ ▪ ▪ ▪ ▪ ▪ ▪ ▪ ▪ ▪ ▪ ▪ ▪ ▪ ▪ ▪ ▪ ▪ ▪ ▪ ▪ ▪ ▪ ▪ ▪ ▪ ▪ ▪ ▪ ▪ ▪ ▪ ▪ ▪ ▪ ▪ ▪ ▪ ▪ ▪ ▪ ▪ ▪ ▪ ▪ ▪ ▪ ▪ ▪ ▪ ▪ ▪ ▪ ▪ ▪ ▪ ▪ ▪ ▪ ▪ ▪ ▪ ▪ ▪ ▪ ▪ ▪ ▪ ▪ ▪ ▪ ▪ ▪ ▪ ▪ ▪ ▪ ▪ ▪ ▪ ▪ ▪ ▪ ▪ ▪ ▪ ▪ ▪ ▪ ▪ ▪ ▪ ▪ ▪ ▪ ▪ ▪ ▪ ▪ ▪ ▪ ▪ ▪ ▪ ▪ ▪ ▪ ▪ ▪ ▪ ▪ ▪ ▪ ▪ ▪ ▪ ▪ ▪ ▪ ▪ ▪ ▪ ▪ ▪ ▪ ▪ ▪ ▪ ▪ ▪ ▪ ▪ ▪ ▪ ▪ ▪ ▪ ▪ ▪ ▪ ▪ ▪ ▪ ▪ ▪ ▪ ▪ ▪ ▪ ▪ ▪ ▪ ▪ ▪ ▪ ▪ ▪ ▪ ▪ ▪ ▪ ▪ ▪ ▪ ▪ ▪ ▪ ▪ ▪ ▪ ▪ ▪ ▪ ▪ ▪ ▪ ▪ ▪ ▪ ▪ ▪ ▪ ▪ ▪ ▪ ▪ ▪ ▪ ▪ ▪ ▪ ▪ ▪ ▪ ▪ ▪ ▪ ▪ ▪ ▪ ▪ ▪ ▪ ▪ ▪ ▪ ▪ ▪ ▪ ▪ ▪ ▪ ▪ ▪ ▪ ▪ ▪ ▪ ▪ ▪ ▪ ▪ ▪ ▪ ▪ ▪ ▪ ▪ ▪ ▪ ▪ ▪ ▪ ▪ ▪ ▪ ▪ ▪ ▪ ▪ ▪ ▪ ▪ ▪ ▪ ▪ ▪ ▪ ▪ ▪ ▪ ▪ ▪ ▪ ▪ ▪ ▪ ▪ ▪ ▪ ▪ ▪ ▪ ▪ ▪ ▪
LETTERS TO THE EDITOR
"RAILWAY MISMANAGEMENT"
▪ ▪ ▪ ▪ ▪ ▪ ▪ ▪ ▪ ▪ ▪ ▪ ▪ ▪ ▪ ▪ ▪ ▪ ▪ ▪ ▪ ▪ ▪ ▪ ▪ ▪ ▪ ▪ ▪ ▪ ▪ ▪ ▪ ▪ ▪ ▪ ▪ ▪ ▪ ▪ ▪ ▪ ▪ ▪ ▪ ▪ ▪ ▪ ▪ ▪ ▪ ▪ ▪ ▪ ▪ ▪ ▪ ▪ ▪ ▪ ▪ ▪ ▪ ▪ ▪ ▪ ▪ ▪ ▪ ▪ ▪ ▪ ▪ ▪ ▪ ▪ ▪ ▪ ▪ ▪ ▪ ▪ ▪ ▪ ▪ ▪ ▪ ▪ ▪ ▪ ▪ ▪ ▪ ▪ ▪ ▪ ▪ ▪ ▪ ▪ ▪ ▪ ▪ ▪ ▪ ▪ ▪ ▪ ▪ ▪ ▪ ▪ ▪ ▪ ▪ ▪ ▪ ▪ ▪ ▪ ▪ ▪ ▪ ▪ ▪ ▪ ▪
FAIR PLAY.
GERMAN COLONIES IN THE PACIFIC
▪ ▪ ▪ ▪ ▪ ▪ ▪ ▪ ▪ ▪ ▪ ▪ ▪ ▪ ▪ ▪ ▪ ▪ ▪ ▪ ▪ ▪ ▪ ▪ ▪ ▪ ▪ ▪ ▪ ▪ ▪ ▪ ▪ ▪ ▪ ▪ ▪ ▪ ▪ ▪ ▪ ▪ ▪ ▪ ▪ ▪ ▪ ▪ ▪ ▪ ▪ ▪ ▪ ▪ ▪ ▪ ▪ ▪ ▪ ▪ ▪ ▪ ▪ ▪ ▪ ▪ ▪ ▪ ▪ ▪ ▪ ▪ ▪ ▪ ▪ ▪ ▪ ▪ ▪ ▪ ▪ ▪ ▪ ▪ ▪ ▪ ▪ ▪ ▪ ▪ ▪ ▪ ▪ ▪ ▪ ▪ ▪ ▪ ▪ ▪ ▪ ▪ ▪ ▪ ▪ ▪ ▪ ▪ ▪ ▪ ▪ ▪ ▪ ▪ ▪ ▪ ▪ ▪ ▪ ▪ ▪ ▪ ▪ ▪ ▪ ▪ ▪ ▪ ▪ ▪ ▪ ▪ ▪ ▪ ▪ ▪ ▪ ▪ ▪ ▪ ▪ ▪ ▪ ▪ ▪ ▪ ▪ ▪ ▪ ▪ ▪ ▪ ▪ ▪ ▪ ▪ ▪ ▪ ▪ ▪ ▪ ▪ ▪ ▪ ▪ ▪ ▪ ▪ ▪ ▪ ▪ ▪ ▪ ▪ ▪ ▪ ▪ ▪ ▪ ▪ ▪ ▪ ▪ ▪ ▪ ▪ ▪ ▪ ▪ ▪ ▪ ▪ ▪
THE GERMAN COLONIES
▪ ▪ ▪ ▪ ▪ ▪ ▪ ▪ ▪ ▪ ▪ ▪ ▪ ▪ ▪ ▪ ▪ ▪ ▪ ▪ ▪ ▪ ▪ ▪ ▪ ▪ ▪ ▪ ▪ ▪ ▪ ▪ ▪ ▪ ▪ ▪ ▪ ▪ ▪ ▪ ▪ ▪ ▪ ▪ ▪ ▪ ▪ ▪ ▪ ▪ ▪ ▪ ▪ ▪ ▪ ▪ ▪ ▪ ▪ ▪ ▪ ▪ ▪ ▪ ▪ ▪ ▪ ▪ ▪ ▪ ▪ ▪ ▪ ▪ ▪ ▪ ▪ ▪ ▪ ▪ ▪ ▪ ▪ ▪ ▪ ▪ ▪ ▪ ▪ ▪ ▪ ▪ ▪ ▪ ▪ ▪ ▪ ▪
"CHURCH AND LABOUR"
▪ ▪ ▪ ▪ ▪ ▪ ▪ ▪ ▪ ▪ ▪ ▪ ▪ ▪ ▪ ▪ ▪ ▪ ▪ ▪ ▪ ▪ ▪ ▪ ▪ ▪ ▪ ▪ ▪ ▪ ▪ ▪ ▪ ▪ ▪ ▪ ▪ ▪ ▪ ▪ ▪ ▪ ▪ ▪ ▪ ▪ ▪ ▪ ▪ ▪ ▪ ▪ ▪ ▪ ▪ ▪ ▪ ▪ ▪ ▪ ▪ ▪ ▪ ▪ ▪ ▪ ▪ ▪ ▪ ▪ ▪ ▪ ▪ ▪ ▪ ▪ ▪ ▪ ▪ ▪ ▪ ▪ ▪ ▪ ▪ ▪ ▪ ▪ ▪ ▪ ▪ ▪ ▪ ▪ ▪ ▪ ▪ ▪ ▪ ▪ ▪ ▪ ▪ ▪ ▪ ▪ ▪ ▪ ▪ ▪ ▪ ▪ ▪ ▪ ▪ ▪ ▪ ▪ ▪ ▪
A P.P.A. MEMBER.
RIGHTS OF CONSCIENCE
▪ ▪ ▪ ▪ ▪ ▪ ▪ ▪ ▪ ▪ ▪ ▪ ▪ ▪ ▪ ▪ ▪ ▪ ▪ ▪ ▪ ▪ ▪ ▪ ▪ ▪ ▪ ▪ ▪ ▪ ▪ ▪ ▪ ▪ ▪ ▪ ▪ ▪ ▪ ▪ ▪ ▪ ▪ ▪ ▪ ▪ ▪ ▪ ▪ ▪ ▪ ▪ ▪ ▪ ▪ ▪ ▪ ▪ ▪ ▪ ▪ ▪ ▪ ▪ ▪ ▪ ▪ ▪ ▪ ▪ ▪ ▪ ▪ ▪ ▪ ▪ ▪ ▪ ▪ ▪ ▪ ▪ ▪ ▪ ▪ ▪ ▪ ▪ ▪ ▪ ▪
THE FAIR "DOMINION"
▪ ▪ ▪ ▪ ▪ ▪ ▪ ▪ ▪ ▪ ▪ ▪ ▪ ▪ ▪ ▪ ▪ ▪ ▪ ▪ ▪ ▪ ▪ ▪ ▪ ▪ ▪ ▪ ▪ ▪ ▪ ▪ ▪ ▪ ▪ ▪ ▪ ▪ ▪ ▪ ▪ ▪ ▪ ▪ ▪ ▪ ▪ ▪ ▪ ▪ ▪ ▪ ▪ ▪ ▪ ▪ ▪ ▪ ▪ ▪ ▪ ▪ ▪ ▪ ▪ ▪ ▪ ▪ ▪ ▪ ▪ ▪ ▪ ▪ ▪ ▪ ▪ ▪ ▪ ▪ ▪ ▪ ▪ ▪ ▪ ▪ ▪ ▪ ▪ ▪ ▪ ▪ ▪ ▪ ▪ ▪ ▪ ▪ ▪ ▪ ▪ ▪ ▪ ▪ ▪ ▪ ▪ ▪ ▪ ▪ ▪ ▪ ▪ ▪ ▪ ▪ ▪ ▪ ▪ ▪ ▪ ▪ ▪ ▪ ▪ ▪
PETONE AFFAIRS
▪ ▪ ▪ ▪ ▪ ▪ ▪ ▪ ▪ ▪ ▪ ▪ ▪ ▪ ▪ ▪ ▪ ▪ ▪ ▪ ▪ ▪ ▪ ▪ ▪ ▪ ▪ ▪ ▪ ▪ ▪ ▪ ▪ ▪ ▪ ▪ ▪ ▪ ▪ ▪ ▪ ▪ ▪ ▪ ▪ ▪ ▪ ▪ ▪ ▪ ▪ ▪ ▪ ▪ ▪ ▪ ▪ ▪ ▪ ▪ ▪ ▪ ▪ ▪ ▪ ▪ ▪ ▪ ▪ ▪ ▪ ▪ ▪ ▪ ▪ ▪ ▪ ▪ ▪
LIVE AND LET LIVE
▪ ▪ ▪ ▪ ▪ ▪ ▪ ▪ ▪ ▪ ▪ ▪ ▪ ▪ ▪ ▪ ▪ ▪ ▪ ▪ ▪ ▪ ▪ ▪ ▪ ▪ ▪ ▪ ▪ ▪ ▪ ▪ ▪ ▪ ▪ ▪ ▪ ▪ ▪ ▪ ▪ ▪ ▪ ▪ ▪ ▪ ▪ ▪ ▪ ▪ ▪ ▪ ▪ ▪ ▪ ▪ ▪ ▪ ▪ ▪ ▪ ▪ ▪ ▪ ▪ ▪ ▪ ▪ ▪ ▪ ▪ ▪
GOLF
LADIES' CHAMPIONSHIP.
▪ ▪ ▪ ▪ ▪ ▪ ▪ ▪ ▪ ▪ ▪ ▪ ▪ ▪ ▪ ▪ ▪ ▪ ▪ ▪ ▪ ▪ ▪ ▪ ▪ ▪ ▪ ▪
BREAD PRICES IN DUNEDIN
▪ ▪ ▪ ▪ ▪ ▪ ▪ ▪ ▪ ▪ ▪ ▪ ▪ ▪ ▪ ▪ ▪ ▪ ▪ ▪ ▪ ▪ ▪ ▪ ▪ ▪ ▪ ▪ ▪ ▪ ▪ ▪ ▪ ▪ ▪ ▪ ▪ ▪ ▪ ▪ ▪ ▪ ▪ ▪ ▪ ▪ ▪ ▪ ▪ ▪ ▪ ▪ ▪ ▪ ▪ ▪ ▪ ▪ ▪ ▪ ▪ ▪ ▪ ▪ ▪ ▪ ▪ ▪ ▪ ▪ ▪ ▪ ▪ ▪ ▪ ▪ ▪ ▪ ▪ ▪ ▪ ▪ ▪ ▪ ▪ ▪ ▪ ▪ ▪ ▪ ▪ ▪ ▪ ▪ ▪ ▪ ▪ ▪ ▪ ▪ ▪ ▪ ▪ ▪ ▪ ▪ ▪ ▪ ▪ ▪ ▪ ▪ ▪ ▪ ▪ ▪ ▪ ▪ ▪ ▪ ▪ ▪ ▪
